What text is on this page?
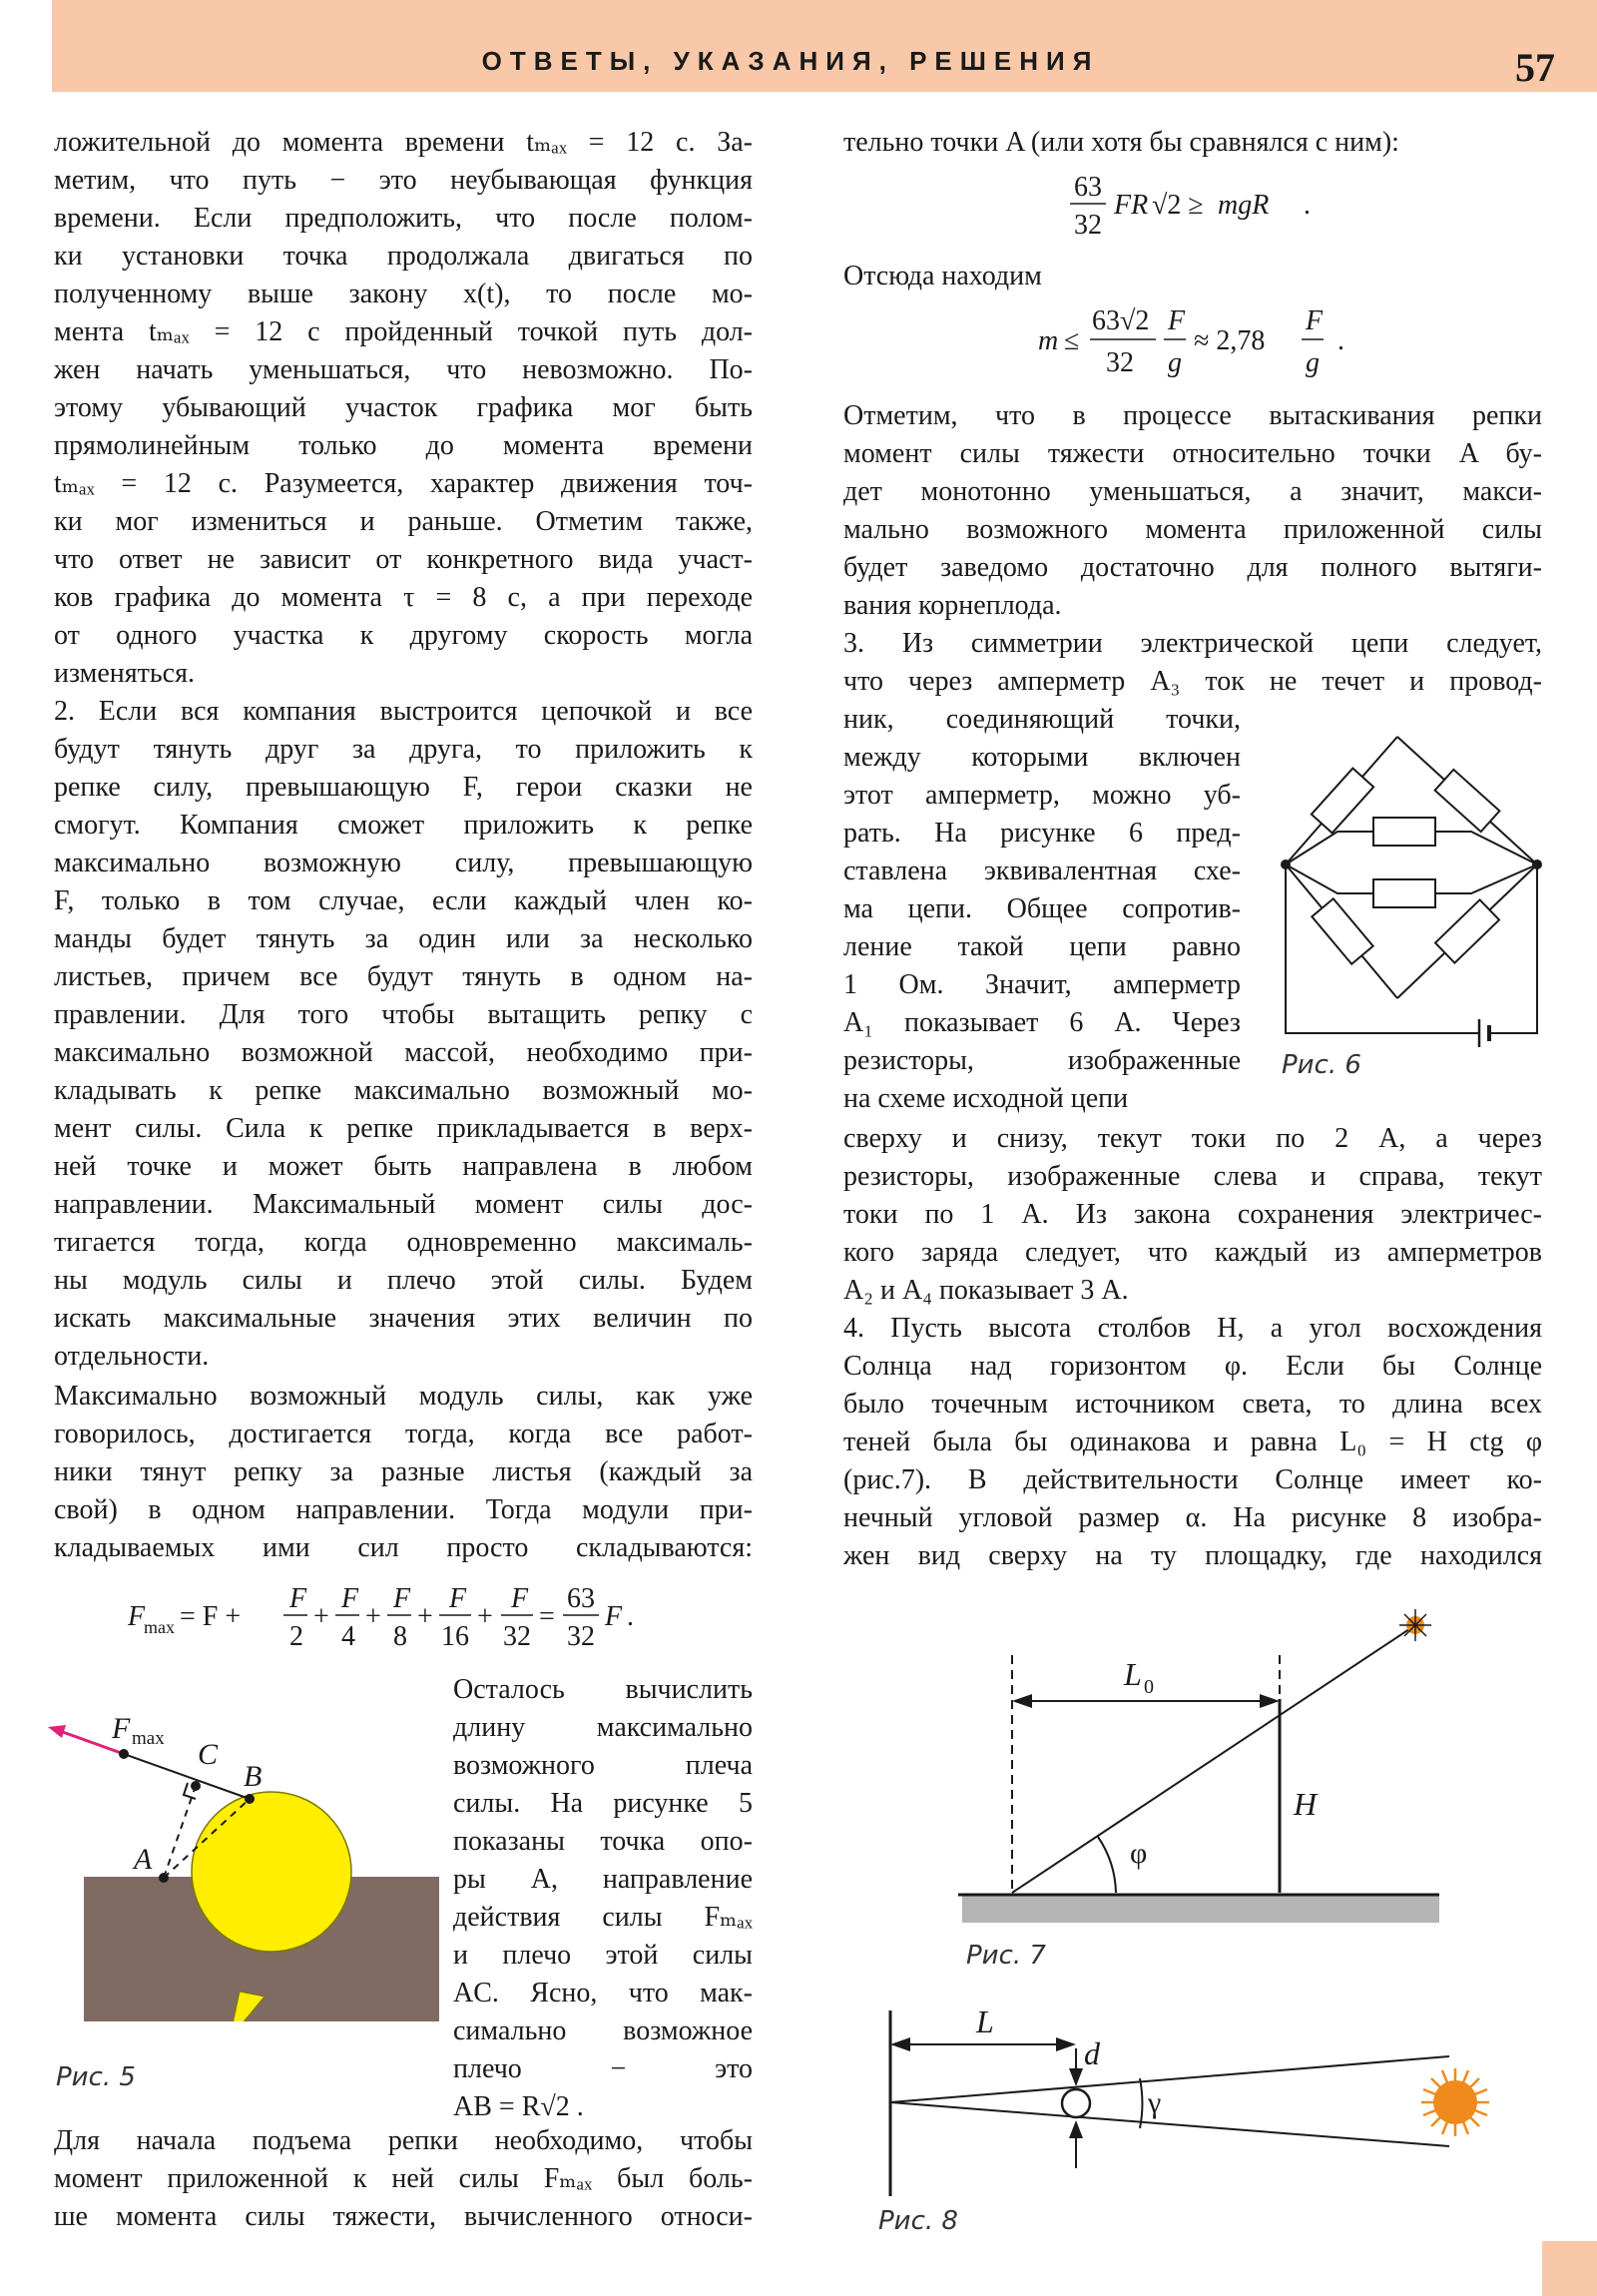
ОТВЕТЫ, УКАЗАНИЯ, РЕШЕНИЯ	57
ложительной до момента времени tₘₐₓ = 12 с. За-
метим, что путь − это неубывающая функция
времени. Если предположить, что после полом-
ки установки точка продолжала двигаться по
полученному выше закону x(t), то после мо-
мента tₘₐₓ = 12 с пройденный точкой путь дол-
жен начать уменьшаться, что невозможно. По-
этому убывающий участок графика мог быть
прямолинейным только до момента времени
tₘₐₓ = 12 с. Разумеется, характер движения точ-
ки мог измениться и раньше. Отметим также,
что ответ не зависит от конкретного вида участ-
ков графика до момента τ = 8 с, а при переходе
от одного участка к другому скорость могла
изменяться.
2. Если вся компания выстроится цепочкой и все
будут тянуть друг за друга, то приложить к
репке силу, превышающую F, герои сказки не
смогут. Компания сможет приложить к репке
максимально возможную силу, превышающую
F, только в том случае, если каждый член ко-
манды будет тянуть за один или за несколько
листьев, причем все будут тянуть в одном на-
правлении. Для того чтобы вытащить репку с
максимально возможной массой, необходимо при-
кладывать к репке максимально возможный мо-
мент силы. Сила к репке прикладывается в верх-
ней точке и может быть направлена в любом
направлении. Максимальный момент силы дос-
тигается тогда, когда одновременно максималь-
ны модуль силы и плечо этой силы. Будем
искать максимальные значения этих величин по
отдельности.
Максимально возможный модуль силы, как уже
говорилось, достигается тогда, когда все работ-
ники тянут репку за разные листья (каждый за
свой) в одном направлении. Тогда модули при-
кладываемых ими сил просто складываются:
Осталось вычислить
длину максимально
возможного плеча
силы. На рисунке 5
показаны точка опо-
ры A, направление
действия силы Fₘₐₓ
и плечо этой силы
AC. Ясно, что мак-
симально возможное
плечо − это
AB = R√2 .
Для начала подъема репки необходимо, чтобы
момент приложенной к ней силы Fₘₐₓ был боль-
ше момента силы тяжести, вычисленного относи-
тельно точки A (или хотя бы сравнялся с ним):
Отсюда находим
Отметим, что в процессе вытаскивания репки
момент силы тяжести относительно точки A бу-
дет монотонно уменьшаться, а значит, макси-
мально возможного момента приложенной силы
будет заведомо достаточно для полного вытяги-
вания корнеплода.
3. Из симметрии электрической цепи следует,
что через амперметр A₃ ток не течет и провод-
ник, соединяющий точки,
между которыми включен
этот амперметр, можно уб-
рать. На рисунке 6 пред-
ставлена эквивалентная схе-
ма цепи. Общее сопротив-
ление такой цепи равно
1 Ом. Значит, амперметр
A₁ показывает 6 А. Через
резисторы, изображенные
на схеме исходной цепи
сверху и снизу, текут токи по 2 А, а через
резисторы, изображенные слева и справа, текут
токи по 1 А. Из закона сохранения электричес-
кого заряда следует, что каждый из амперметров
A₂ и A₄ показывает 3 А.
4. Пусть высота столбов H, а угол восхождения
Солнца над горизонтом φ. Если бы Солнце
было точечным источником света, то длина всех
теней была бы одинакова и равна L₀ = H ctg φ
(рис.7). В действительности Солнце имеет ко-
нечный угловой размер α. На рисунке 8 изобра-
жен вид сверху на ту площадку, где находился
F
max = F +
F
2
+
F
4
+
F
8
+
F
16
+
F
32
=
63
32
F .
63
32
FR √2 ≥ mgR .
m ≤
63√2
32
F
g
≈ 2,78
F
g
.
F max C
B
A
Рис. 5
Рис. 6
L 0
H
φ
Рис. 7
L
d
γ
Рис. 8
